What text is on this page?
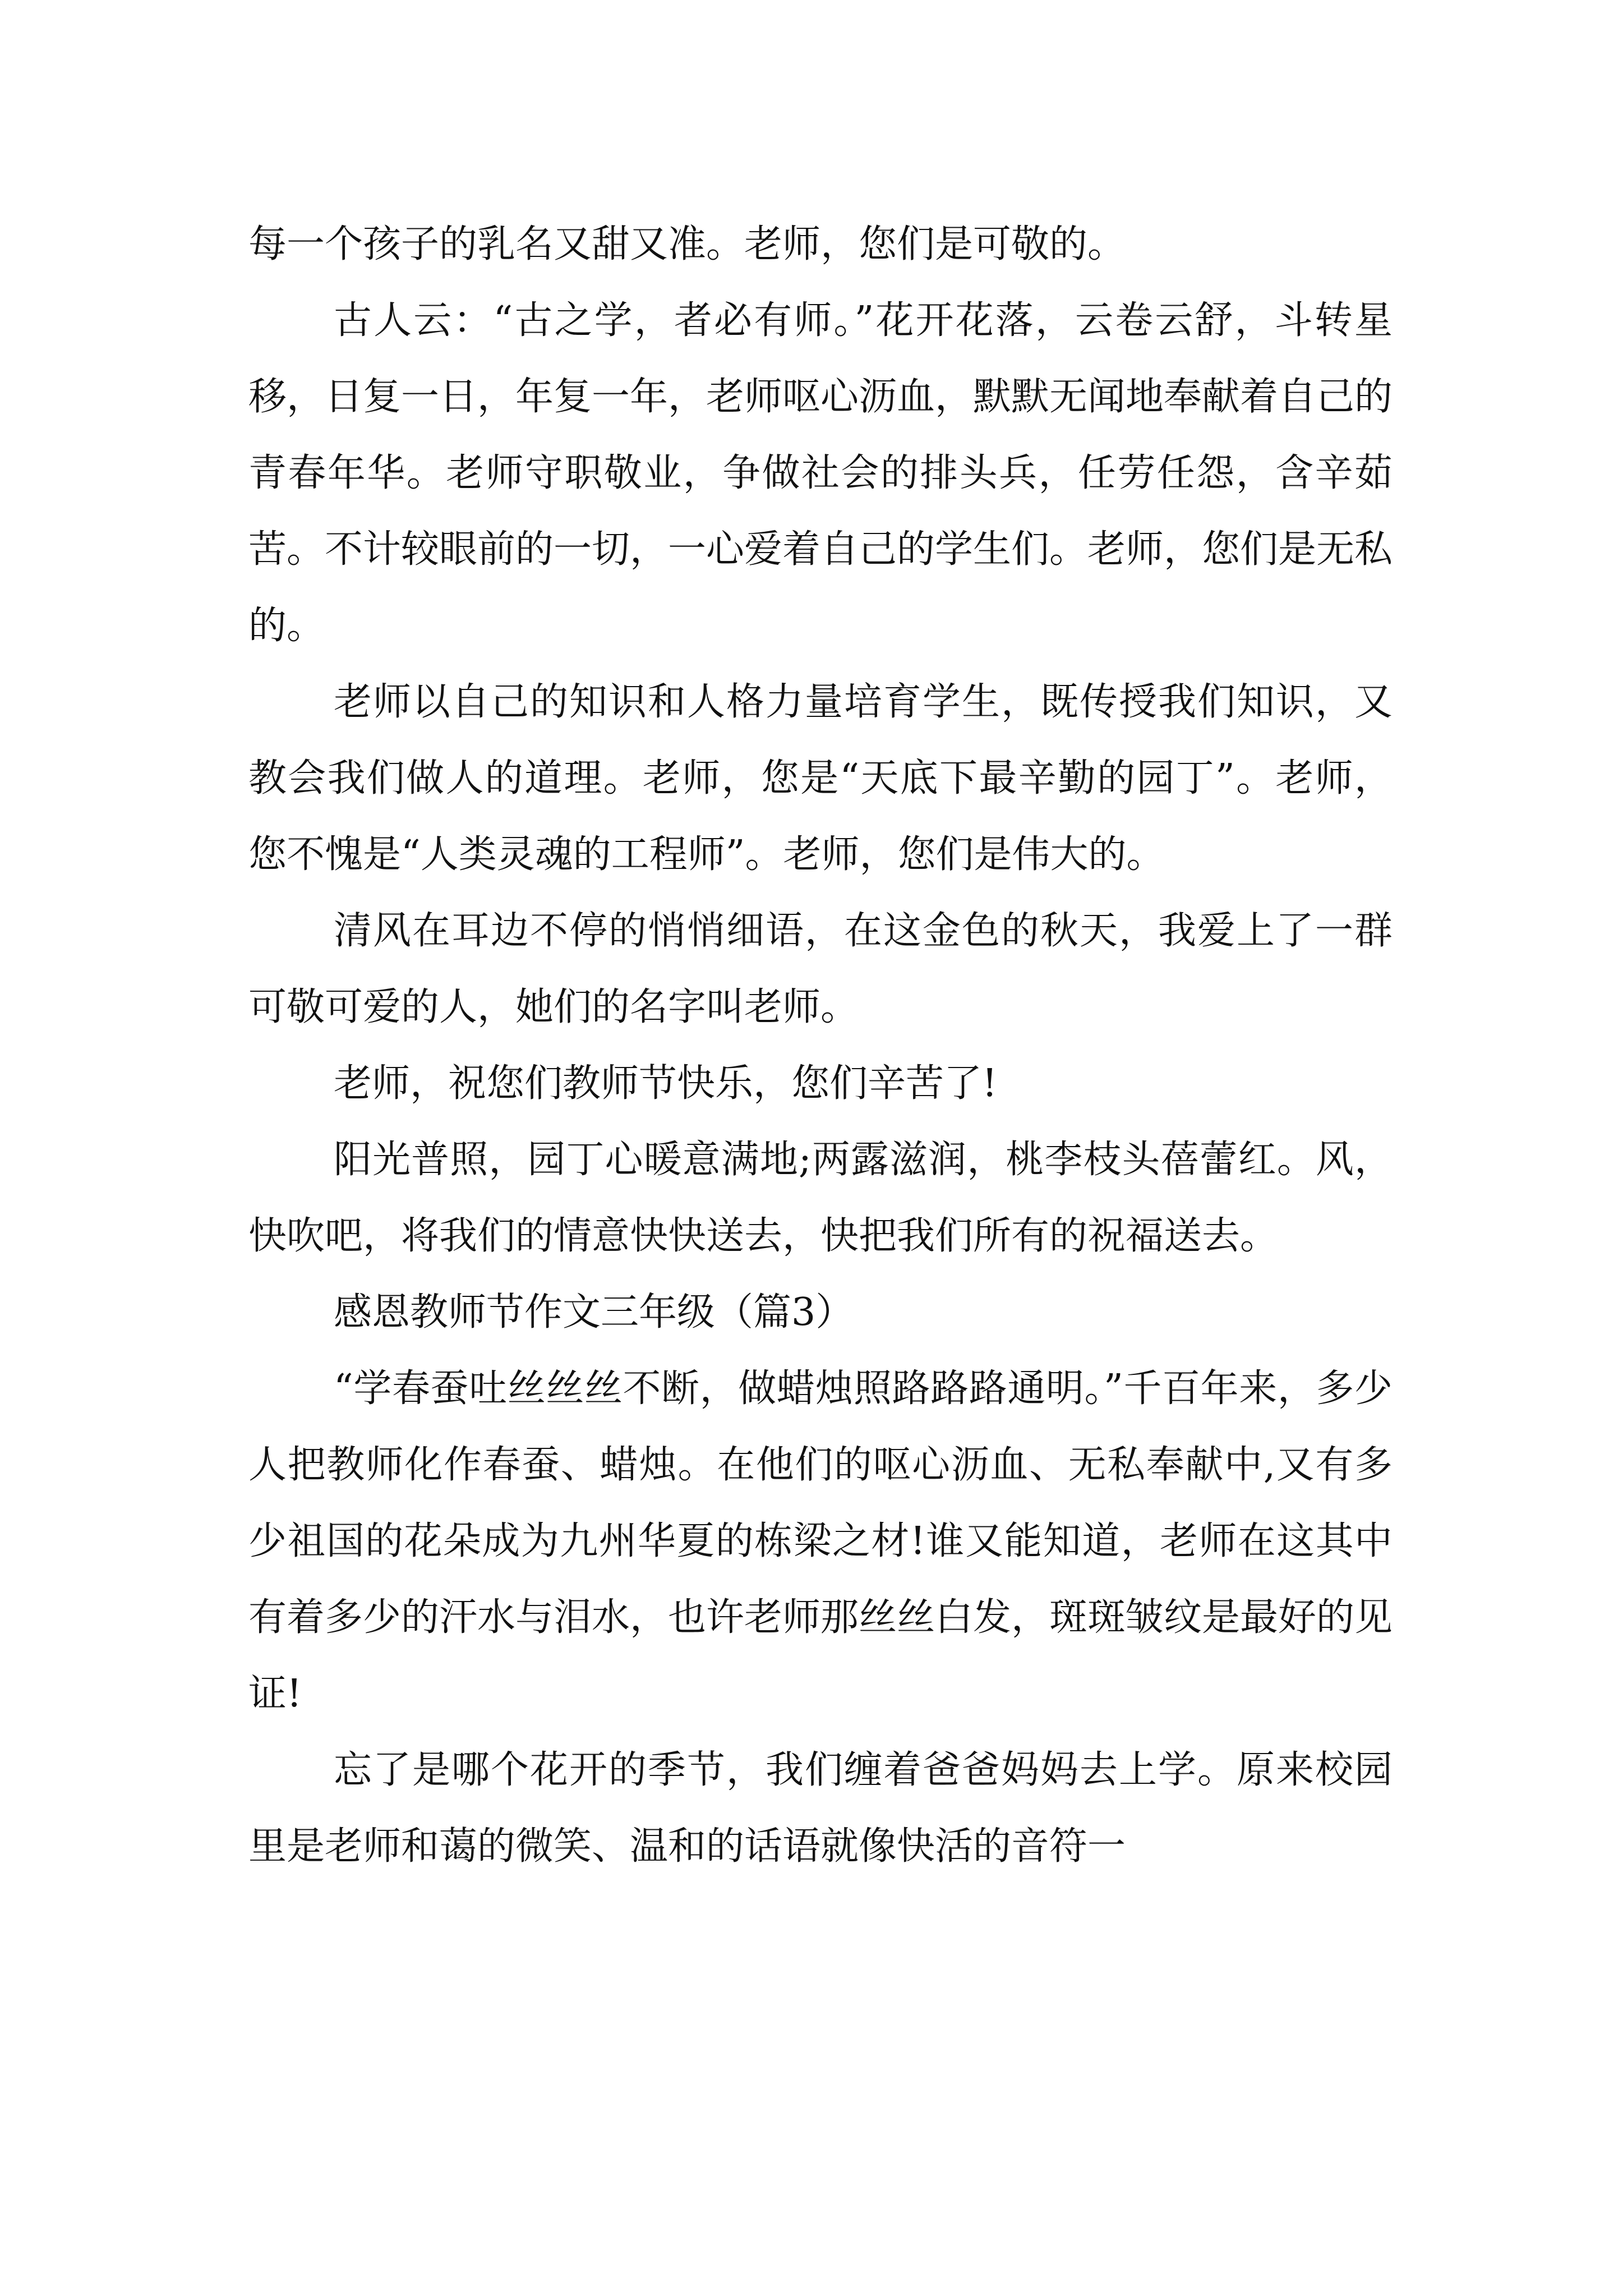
每一个孩子的乳名又甜又准。老师，您们是可敬的。

古人云：“古之学，者必有师。”花开花落，云卷云舒，斗转星移，日复一日，年复一年，老师呕心沥血，默默无闻地奉献着自己的青春年华。老师守职敬业，争做社会的排头兵，任劳任怨，含辛茹苦。不计较眼前的一切，一心爱着自己的学生们。老师，您们是无私的。

老师以自己的知识和人格力量培育学生，既传授我们知识，又教会我们做人的道理。老师，您是“天底下最辛勤的园丁”。老师，您不愧是“人类灵魂的工程师”。老师，您们是伟大的。

清风在耳边不停的悄悄细语，在这金色的秋天，我爱上了一群可敬可爱的人，她们的名字叫老师。

老师，祝您们教师节快乐，您们辛苦了!

阳光普照，园丁心暖意满地;两露滋润，桃李枝头蓓蕾红。风，快吹吧，将我们的情意快快送去，快把我们所有的祝福送去。

感恩教师节作文三年级（篇3）

“学春蚕吐丝丝丝不断，做蜡烛照路路路通明。”千百年来，多少人把教师化作春蚕、蜡烛。在他们的呕心沥血、无私奉献中,又有多少祖国的花朵成为九州华夏的栋梁之材!谁又能知道，老师在这其中有着多少的汗水与泪水，也许老师那丝丝白发，斑斑皱纹是最好的见证!

忘了是哪个花开的季节，我们缠着爸爸妈妈去上学。原来校园里是老师和蔼的微笑、温和的话语就像快活的音符一
